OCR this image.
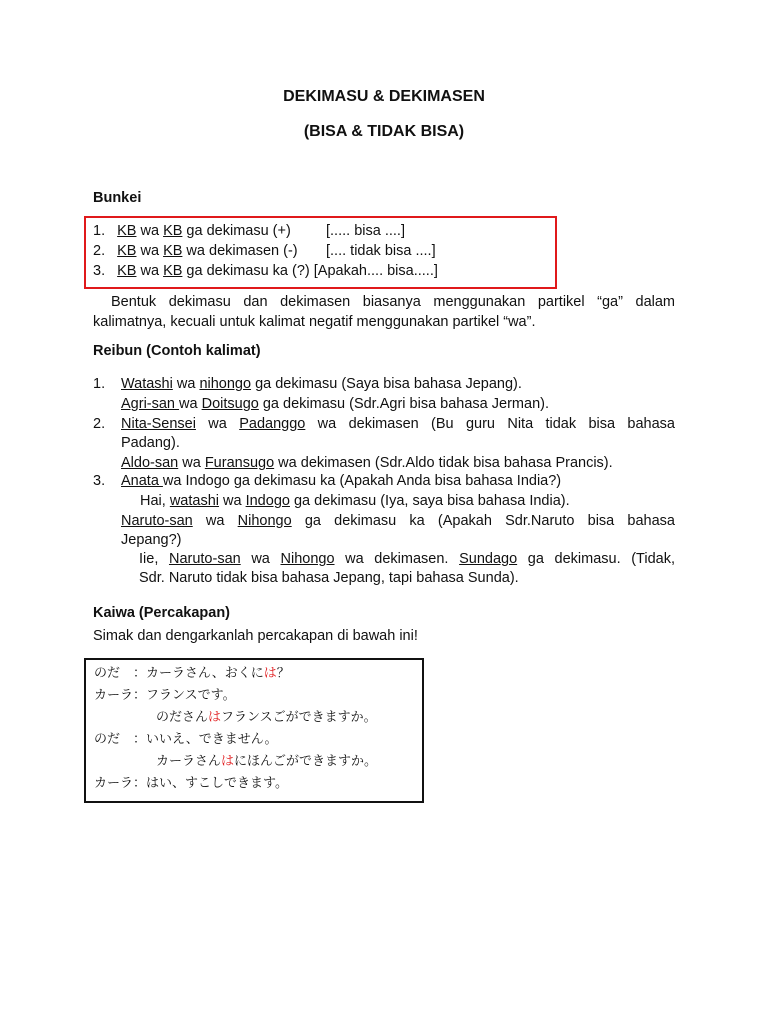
DEKIMASU & DEKIMASEN
(BISA & TIDAK BISA)
Bunkei
1. KB wa KB ga dekimasu (+) [..... bisa ....]
2. KB wa KB wa dekimasen (-) [.... tidak bisa ....]
3. KB wa KB ga dekimasu ka (?) [Apakah.... bisa.....]
Bentuk dekimasu dan dekimasen biasanya menggunakan partikel “ga” dalam
kalimatnya, kecuali untuk kalimat negatif menggunakan partikel “wa”.
Reibun (Contoh kalimat)
1. Watashi wa nihongo ga dekimasu (Saya bisa bahasa Jepang).
Agri-san wa Doitsugo ga dekimasu (Sdr.Agri bisa bahasa Jerman).
2. Nita-Sensei wa Padanggo wa dekimasen (Bu guru Nita tidak bisa bahasa
Padang).
Aldo-san wa Furansugo wa dekimasen (Sdr.Aldo tidak bisa bahasa Prancis).
3. Anata wa Indogo ga dekimasu ka (Apakah Anda bisa bahasa India?)
Hai, watashi wa Indogo ga dekimasu (Iya, saya bisa bahasa India).
Naruto-san wa Nihongo ga dekimasu ka (Apakah Sdr.Naruto bisa bahasa
Jepang?)
Iie, Naruto-san wa Nihongo wa dekimasen. Sundago ga dekimasu. (Tidak,
Sdr. Naruto tidak bisa bahasa Jepang, tapi bahasa Sunda).
Kaiwa (Percakapan)
Simak dan dengarkanlah percakapan di bawah ini!
のだ　：カーラさん、おくには？
カーラ：フランスです。
のださんはフランスごができますか。
のだ　：いいえ、できません。
カーラさんはにほんごができますか。
カーラ：はい、すこしできます。
